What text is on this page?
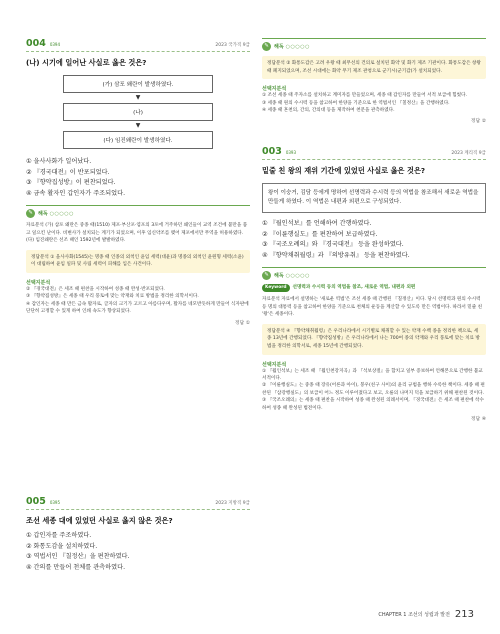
004 0394	2023 국가직 9급
(나) 시기에 일어난 사실로 옳은 것은?
(가) 삼포 왜란이 발생하였다.
▼
(나)
▼
(다) 임진왜란이 발생하였다.
① 을사사화가 일어났다.
② 『경국대전』이 반포되었다.
③ 『향약집성방』이 편찬되었다.
④ 금속 활자인 갑인자가 주조되었다.
✎	해독 ○○○○○
자료분석 (가) 삼포 왜란은 중종 때(1510) 제포·부산포·염포의 3포에 거주하던 왜인들이 교역 조건에 불만을 품고 일으킨 난이다. 비변사가 설치되는 계기가 되었으며, 이후 임신약조를 맺어 제포에서만 무역을 허용하였다. (다) 임진왜란은 선조 때인 1592년에 발발하였다.
정답분석 ① 을사사화(1545)는 명종 때 인종의 외척인 윤임 세력(대윤)과 명종의 외척인 윤원형 세력(소윤)이 대립하여 윤임 일파 및 사림 세력이 피해를 입은 사건이다.
선택지분석
② 『경국대전』은 세조 때 편찬을 시작하여 성종 때 완성·반포되었다.
③ 『향약집성방』은 세종 때 우리 풍토에 맞는 약재와 치료 방법을 정리한 의학서이다.
④ 갑인자는 세종 때 만든 금속 활자로, 글자의 크기가 고르고 아름다우며, 활자를 네모반듯하게 만들어 식자판에 단단히 고정할 수 있게 하여 인쇄 속도가 향상되었다.
정답 ①
005 0395	2023 지방직 9급
조선 세종 대에 있었던 사실로 옳지 않은 것은?
① 갑인자를 주조하였다.
② 화통도감을 설치하였다.
③ 역법서인 『칠정산』을 편찬하였다.
④ 간의를 만들어 천체를 관측하였다.
✎	해독 ○○○○○
정답분석 ② 화통도감은 고려 우왕 때 최무선의 건의로 설치된 화약 및 화기 제조 기관이다. 화통도감은 창왕 때 폐지되었으며, 조선 시대에는 화약 무기 제조 관청으로 군기시(군기감)가 설치되었다.
선택지분석
① 조선 세종 때 주자소를 설치하고 계미자를 만들었으며, 세종 때 갑인자를 만들어 서적 보급에 힘썼다.
③ 세종 때 원의 수시력 등을 참고하여 한양을 기준으로 한 역법서인 『칠정산』을 간행하였다.
④ 세종 때 혼천의, 간의, 간의대 등을 제작하여 천문을 관측하였다.
정답 ②
003 0393	2023 계리직 9급
밑줄 친 왕의 재위 기간에 있었던 사실로 옳은 것은?
왕이 이숭거, 김담 등에게 명하여 선명력과 수시력 등의 역법을 참조해서 새로운 역법을 만들게 하였다. 이 역법은 내편과 외편으로 구성되었다.
① 『월인석보』를 언해하여 간행하였다.
② 『이륜행실도』를 편찬하여 보급하였다.
③ 『국조오례의』와 『경국대전』 등을 완성하였다.
④ 『향약채취월령』과 『의방유취』 등을 편찬하였다.
✎	해독 ○○○○○
Keyword 선명력과 수시력 등의 역법을 참조, 새로운 역법, 내편과 외편
자료분석 자료에서 설명하는 '새로운 역법'은 조선 세종 때 간행된 『칠정산』이다. 당시 선명력과 원의 수시력 등 명의 대통력 등을 참고하여 한양을 기준으로 천체의 운동을 계산할 수 있도록 만든 역법이다. 따라서 밑줄 친 '왕'은 세종이다.
정답분석 ④ 『향약채취월령』은 우리나라에서 시기별로 채취할 수 있는 약재 수백 종을 정리한 책으로, 세종 13년에 간행되었다. 『향약집성방』은 우리나라에서 나는 700여 종의 약재와 우리 풍토에 맞는 치료 방법을 정리한 의학서로, 세종 15년에 간행되었다.
선택지분석
① 『월인석보』는 세조 때 『월인천강지곡』과 『석보상절』을 합치고 일부 증보하여 언해본으로 간행한 불교 서적이다.
② 『이륜행실도』는 중종 때 장유(어른과 아이), 붕우(친구 사이)의 윤리 규범을 행하 수록한 책이다. 세종 때 편찬된 『삼강행실도』의 보급이 어느 정도 이루어졌다고 보고, 오륜의 나머지 덕을 보급하기 위해 편찬된 것이다.
③ 『국조오례의』는 세종 때 편찬을 시작하여 성종 때 완성된 의례서이며, 『경국대전』은 세조 때 편찬에 착수하여 성종 때 완성된 법전이다.
정답 ④
CHAPTER 1 조선의 성립과 발전 213
